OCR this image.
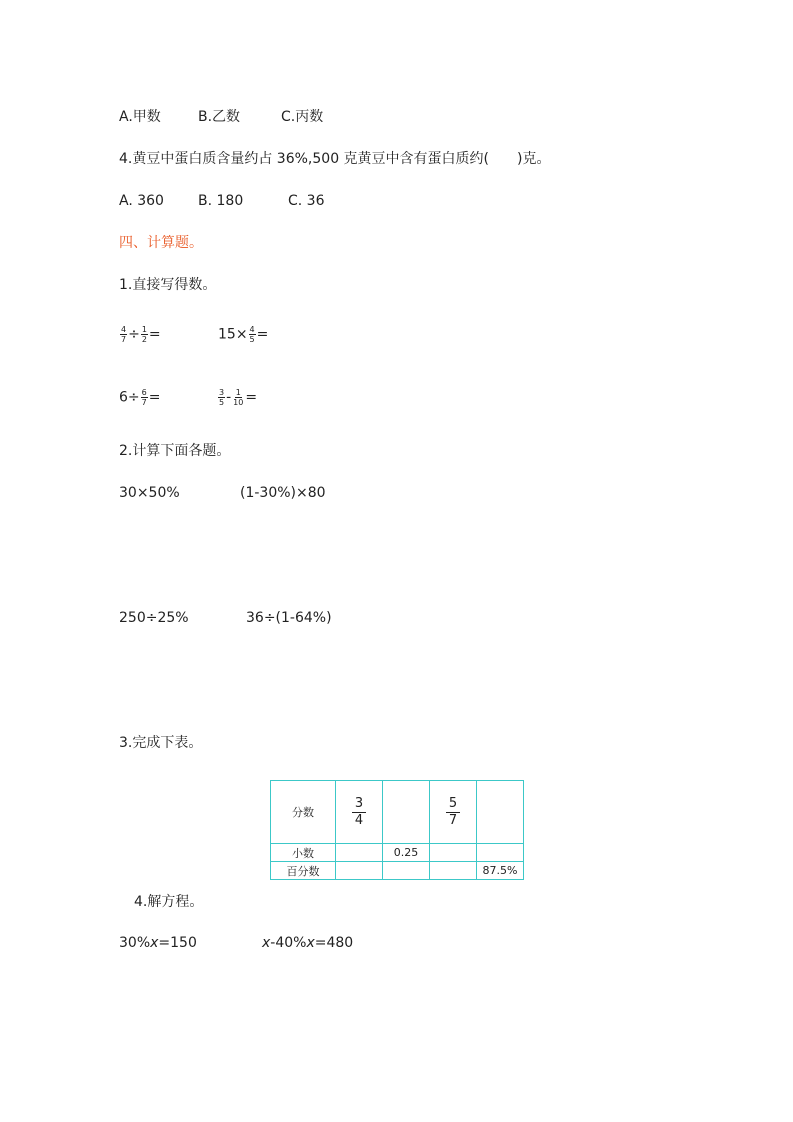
A.甲数	B.乙数	C.丙数
4.黄豆中蛋白质含量约占 36%,500 克黄豆中含有蛋白质约(　　)克。
A. 360 B. 180	C. 36
四、计算题。
1.直接写得数。
$\frac{4}{7} \div \frac{1}{2}$ =	$15\times \frac{4}{5}$ =
$6\div \frac{6}{7}$ =	$\frac{3}{5} - \frac{1}{10}$ =
2.计算下面各题。
30×50%	(1-30%)×80
250÷25%	36÷(1-64%)
3.完成下表。
分数	$\frac{3}{4}$		$\frac{5}{7}$

小数		0.25		
百分数				87.5%
4.解方程。
30%x=150	x-40%x=480
